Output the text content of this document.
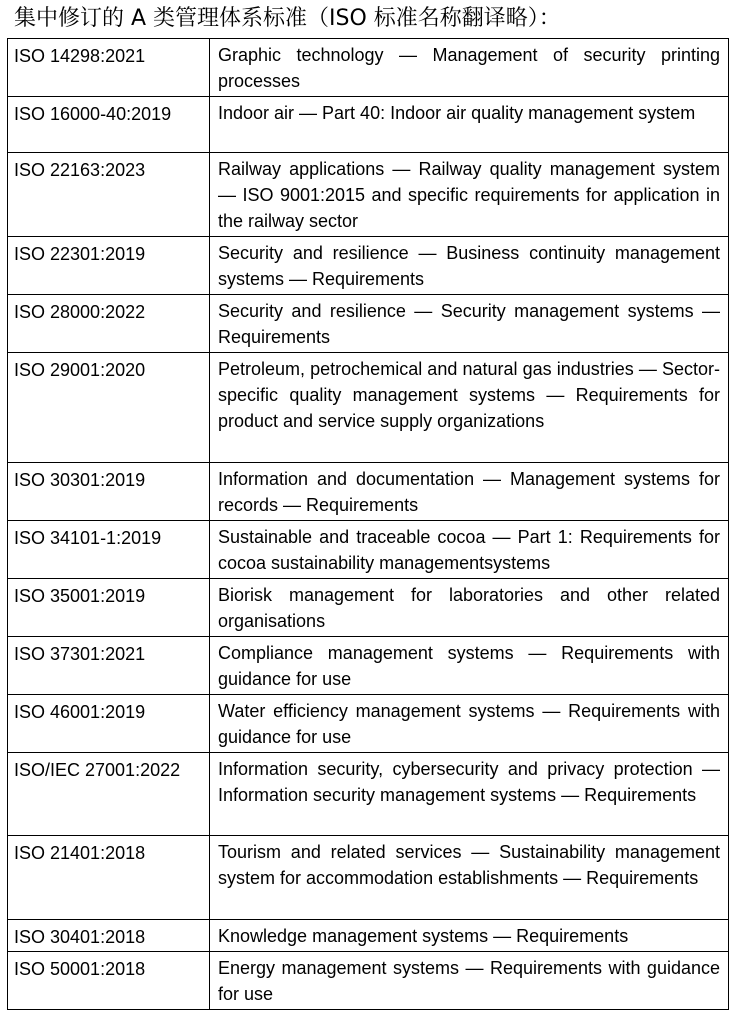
集中修订的 A 类管理体系标准（ISO 标准名称翻译略）：
ISO 14298:2021	Graphic technology — Management of security printing processes
ISO 16000-40:2019	Indoor air — Part 40: Indoor air quality management system
ISO 22163:2023	Railway applications — Railway quality management system — ISO 9001:2015 and specific requirements for application in the railway sector
ISO 22301:2019	Security and resilience — Business continuity management systems — Requirements
ISO 28000:2022	Security and resilience — Security management systems — Requirements
ISO 29001:2020	Petroleum, petrochemical and natural gas industries — Sector-specific quality management systems — Requirements for product and service supply organizations
ISO 30301:2019	Information and documentation — Management systems for records — Requirements
ISO 34101-1:2019	Sustainable and traceable cocoa — Part 1: Requirements for cocoa sustainability managementsystems
ISO 35001:2019	Biorisk management for laboratories and other related organisations
ISO 37301:2021	Compliance management systems — Requirements with guidance for use
ISO 46001:2019	Water efficiency management systems — Requirements with guidance for use
ISO/IEC 27001:2022	Information security, cybersecurity and privacy protection — Information security management systems — Requirements
ISO 21401:2018	Tourism and related services — Sustainability management system for accommodation establishments — Requirements
ISO 30401:2018	Knowledge management systems — Requirements
ISO 50001:2018	Energy management systems — Requirements with guidance for use
